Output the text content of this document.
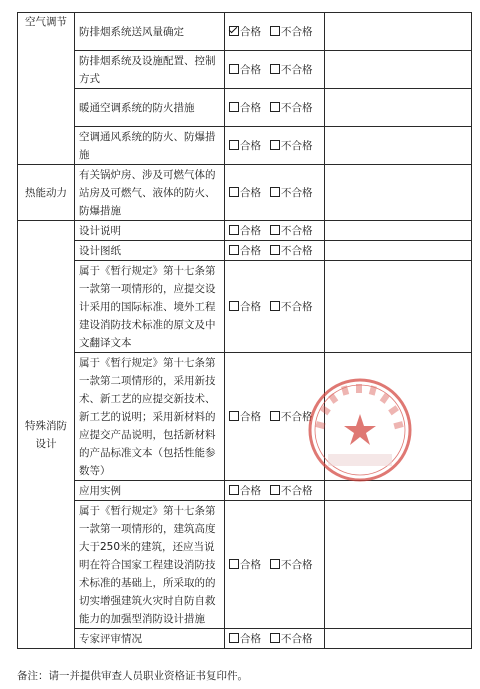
空气调节	防排烟系统送风量确定	合格 不合格	
	防排烟系统及设施配置、控制方式	合格 不合格	
	暖通空调系统的防火措施	合格 不合格	
	空调通风系统的防火、防爆措施	合格 不合格	
热能动力	有关锅炉房、涉及可燃气体的站房及可燃气、液体的防火、防爆措施	合格 不合格	
特殊消防设计	设计说明	合格 不合格	
	设计图纸	合格 不合格	
	属于《暂行规定》第十七条第一款第一项情形的，应提交设计采用的国际标准、境外工程建设消防技术标准的原文及中文翻译文本	合格 不合格	
	属于《暂行规定》第十七条第一款第二项情形的，采用新技术、新工艺的应提交新技术、新工艺的说明；采用新材料的应提交产品说明，包括新材料的产品标准文本（包括性能参数等）	合格 不合格	
	应用实例	合格 不合格	
	属于《暂行规定》第十七条第一款第一项情形的，建筑高度大于250米的建筑，还应当说明在符合国家工程建设消防技术标准的基础上，所采取的的切实增强建筑火灾时自防自救能力的加强型消防设计措施	合格 不合格	
	专家评审情况	合格 不合格	

备注：请一并提供审查人员职业资格证书复印件。
